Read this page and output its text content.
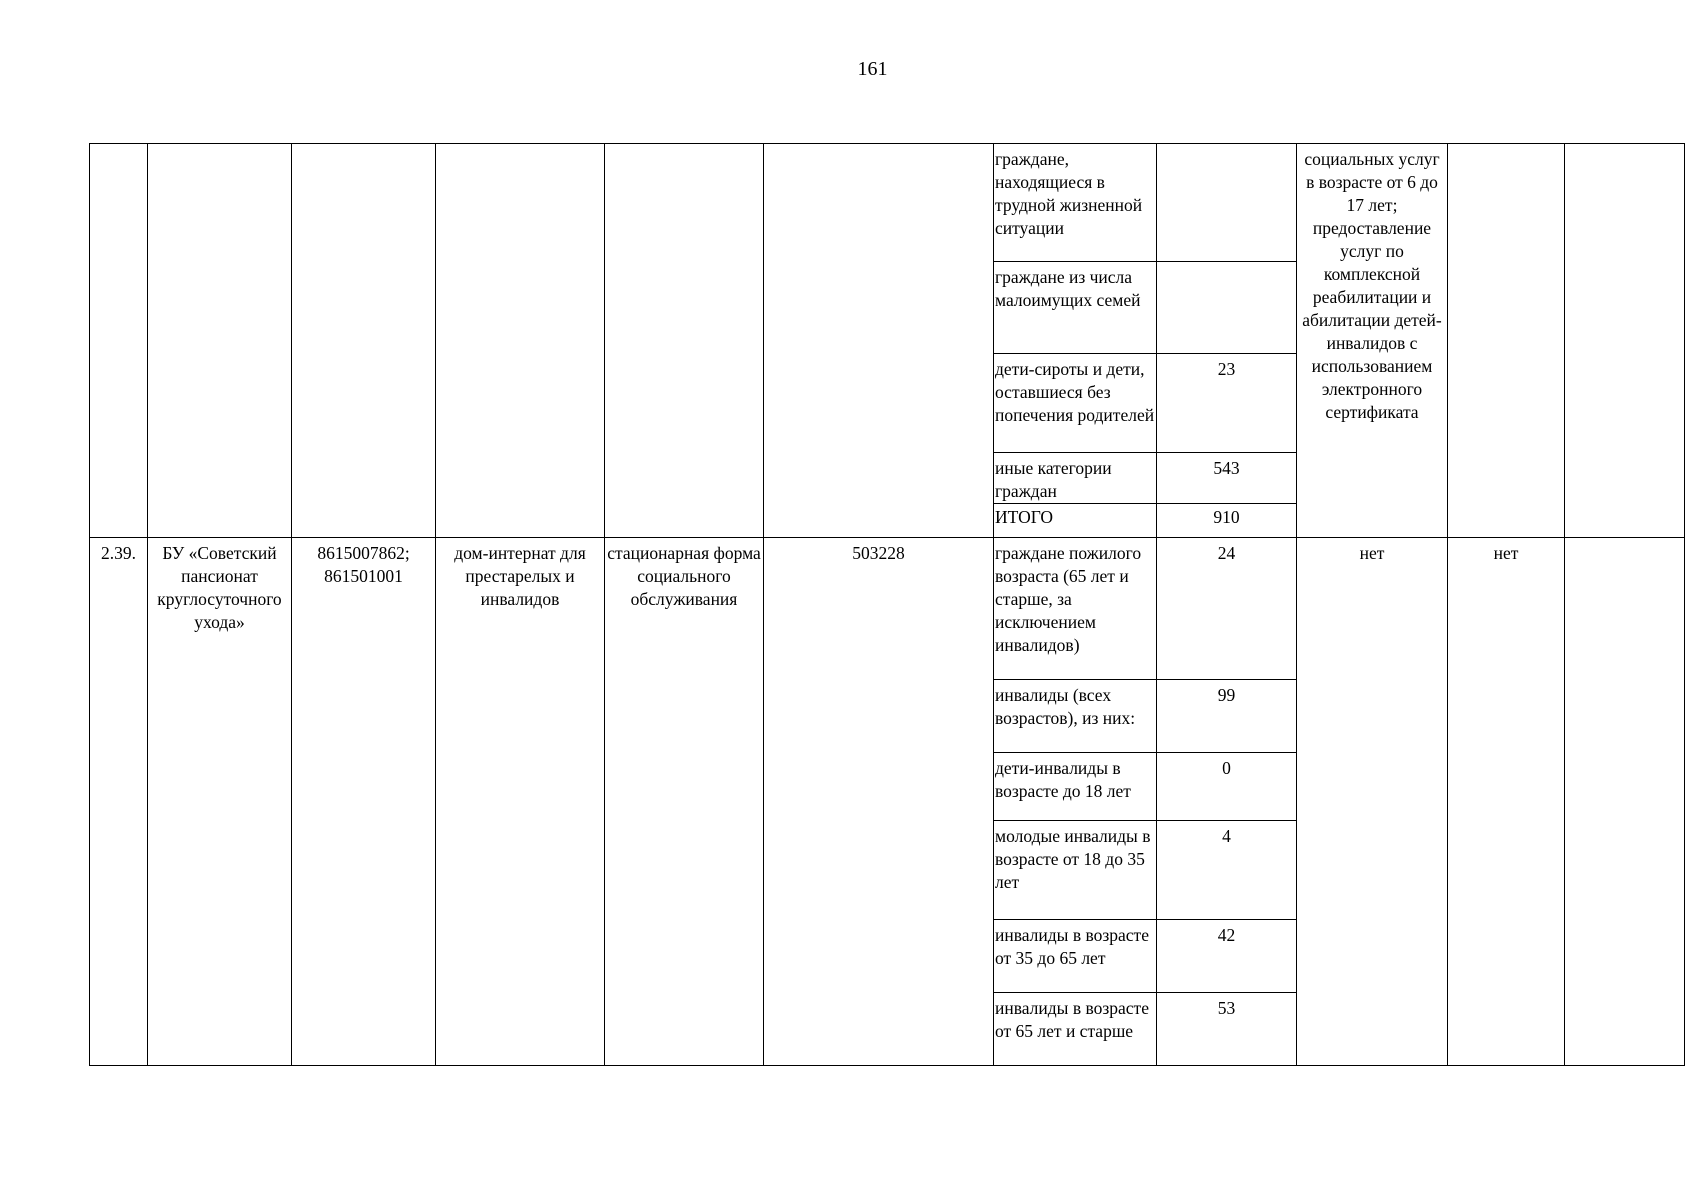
161
						граждане, находящиеся в трудной жизненной ситуации		социальных услуг в возрасте от 6 до 17 лет; предоставление услуг по комплексной реабилитации и абилитации детей-инвалидов с использованием электронного сертификата		
						граждане из числа малоимущих семей				
						дети-сироты и дети, оставшиеся без попечения родителей	23			
						иные категории граждан	543			
						ИТОГО	910			
2.39.	БУ «Советский пансионат круглосуточного ухода»	8615007862; 861501001	дом-интернат для престарелых и инвалидов	стационарная форма социального обслуживания	503228	граждане пожилого возраста (65 лет и старше, за исключением инвалидов)	24	нет	нет	
						инвалиды (всех возрастов), из них:	99			
						дети-инвалиды в возрасте до 18 лет	0			
						молодые инвалиды в возрасте от 18 до 35 лет	4			
						инвалиды в возрасте от 35 до 65 лет	42			
						инвалиды в возрасте от 65 лет и старше	53			
